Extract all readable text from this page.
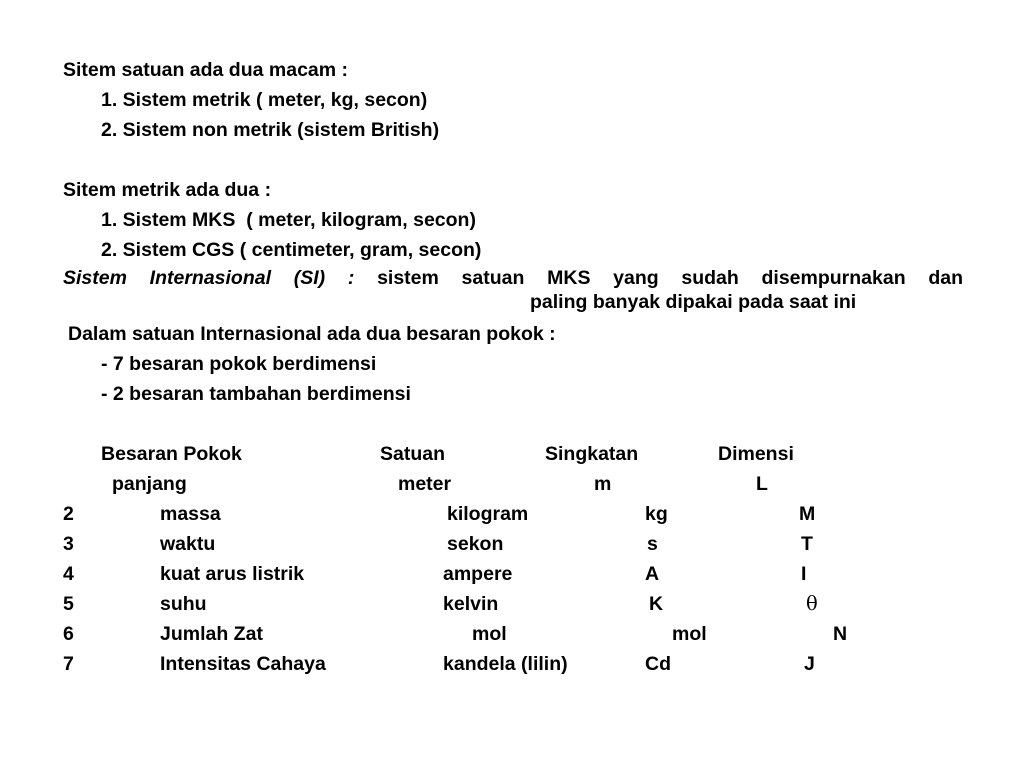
Sitem satuan ada dua macam :
1. Sistem metrik ( meter, kg, secon)
2. Sistem non metrik (sistem British)
Sitem metrik ada dua :
1. Sistem MKS  ( meter, kilogram, secon)
2. Sistem CGS ( centimeter, gram, secon)
Sistem Internasional (SI) : sistem satuan MKS yang sudah disempurnakan dan
paling banyak dipakai pada saat ini
Dalam satuan Internasional ada dua besaran pokok :
- 7 besaran pokok berdimensi
- 2 besaran tambahan berdimensi
Besaran Pokok	Satuan	Singkatan	Dimensi
panjang	meter	m	L
2	massa	kilogram	kg	M
3	waktu	sekon	s	T
4	kuat arus listrik	ampere	A	I
5	suhu	kelvin	K	θ
6	Jumlah Zat	mol	mol	N
7	Intensitas Cahaya	kandela (lilin)	Cd	J
